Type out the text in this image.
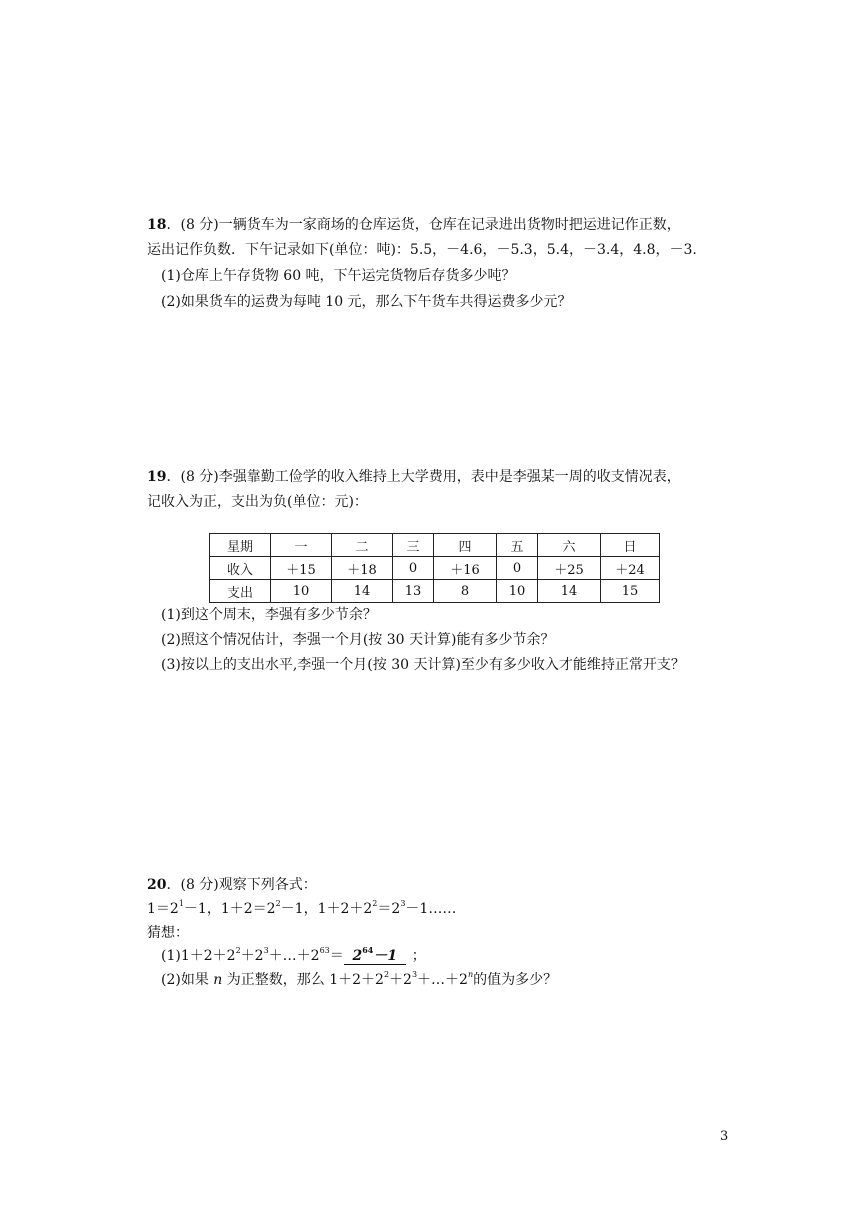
18．(8 分)一辆货车为一家商场的仓库运货，仓库在记录进出货物时把运进记作正数，
运出记作负数．下午记录如下(单位：吨)：5.5，－4.6，－5.3，5.4，－3.4，4.8，－3.
(1)仓库上午存货物 60 吨，下午运完货物后存货多少吨？
(2)如果货车的运费为每吨 10 元，那么下午货车共得运费多少元？
19．(8 分)李强靠勤工俭学的收入维持上大学费用，表中是李强某一周的收支情况表，
记收入为正，支出为负(单位：元)：
星期	一	二	三	四	五	六	日
收入	＋15	＋18	0	＋16	0	＋25	＋24
支出	10	14	13	8	10	14	15
(1)到这个周末，李强有多少节余？
(2)照这个情况估计，李强一个月(按 30 天计算)能有多少节余？
(3)按以上的支出水平,李强一个月(按 30 天计算)至少有多少收入才能维持正常开支？
20．(8 分)观察下列各式：
$1=2^1-1$，$1+2=2^2-1$，$1+2+2^2=2^3-1\dots\dots$
猜想：
$(1)1+2+2^2+2^3+\dots+2^{63}= 2^{64}-1$ ；
(2)如果 n 为正整数，那么 $1+2+2^2+2^3+\dots+2^n$的值为多少？
3
